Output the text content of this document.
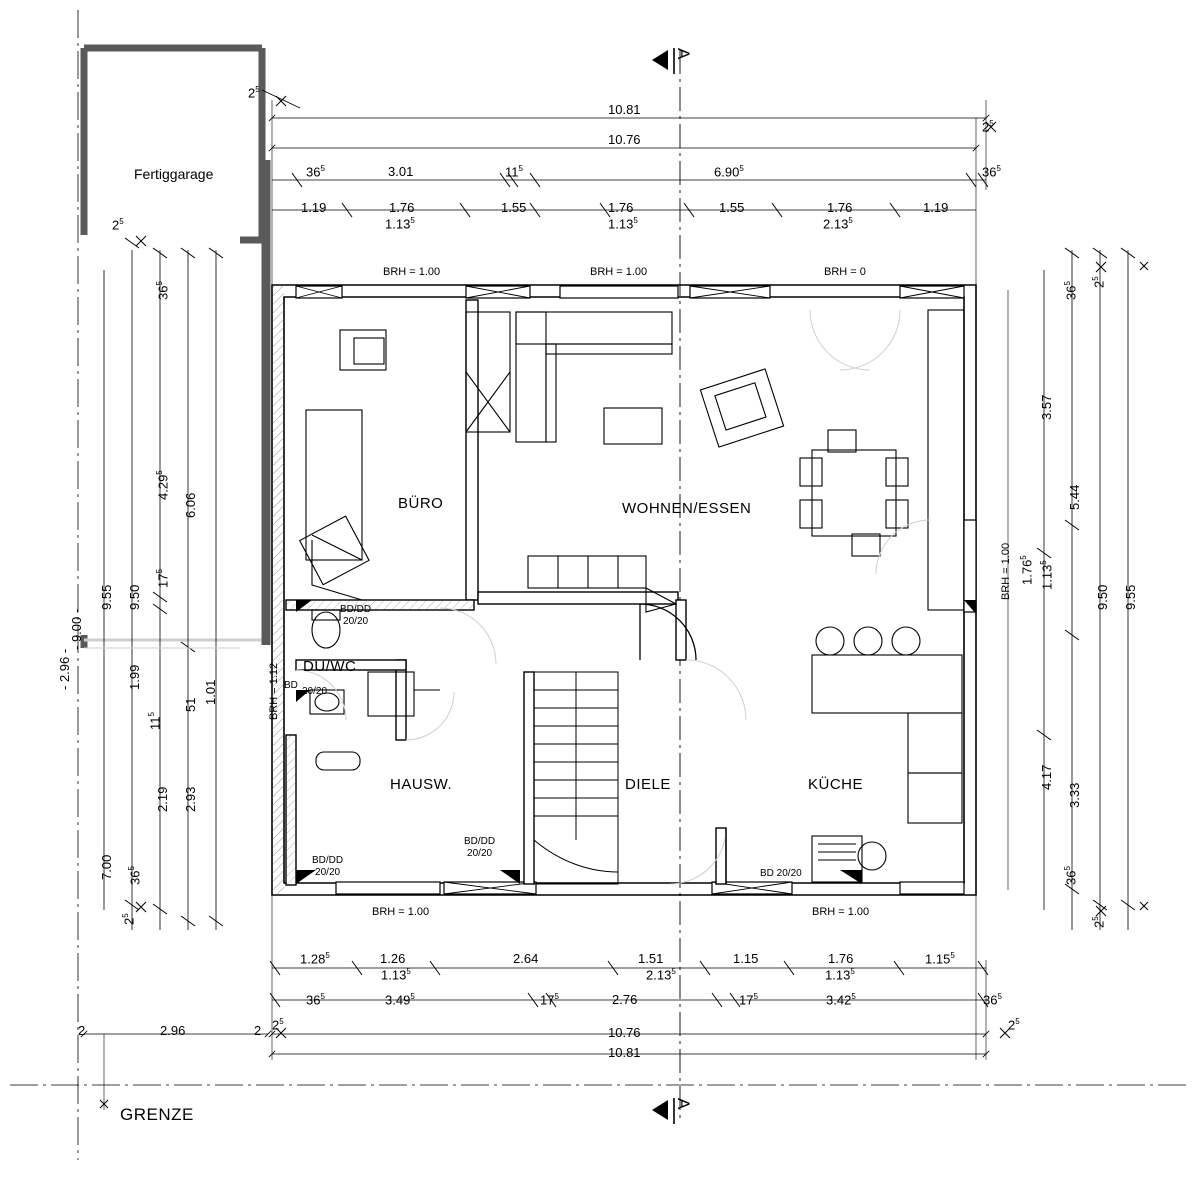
A
A
Fertiggarage
BÜRO	WOHNEN/ESSEN
DU/WC
HAUSW.	DIELE	KÜCHE
BRH = 1.00	BRH = 1.00	BRH = 0
BRH = 1.00	BRH = 1.00
BRH = 1.00
BRH = 1.12
BD/DD
20/20
BD
20/20
BD/DD
20/20
BD/DD
20/20
BD 20/20
10.81
10.76
$36^5$	3.01	$11^5$	6.90$^5$	$36^5$
1.19	1.76	1.55	1.76	1.55	1.76	1.19
1.13$^5$	1.13$^5$	2.13$^5$
$2^5$
$2^5$
$2^5$
1.28$^5$	1.26	2.64	1.51	1.15	1.76	1.15$^5$
1.13$^5$	2.13$^5$	1.13$^5$
$36^5$	3.49$^5$	$17^5$	2.76	$17^5$	3.42$^5$	$36^5$
10.76
10.81
2	2.96	2 $2^5$	$2^5$
- 9.00 -
- 2.96 -
9.55 9.50
4.29$^5$
$17^5$
6.06
1.99
51 1.01
$11^5$
2.19 2.93
$36^5$
7.00
$2^5$
$36^5$
$36^5$	$2^5$
3.57
5.44
1.76$^5$
1.13$^5$
9.50 9.55
4.17
3.33
$36^5$
$2^5$
GRENZE
